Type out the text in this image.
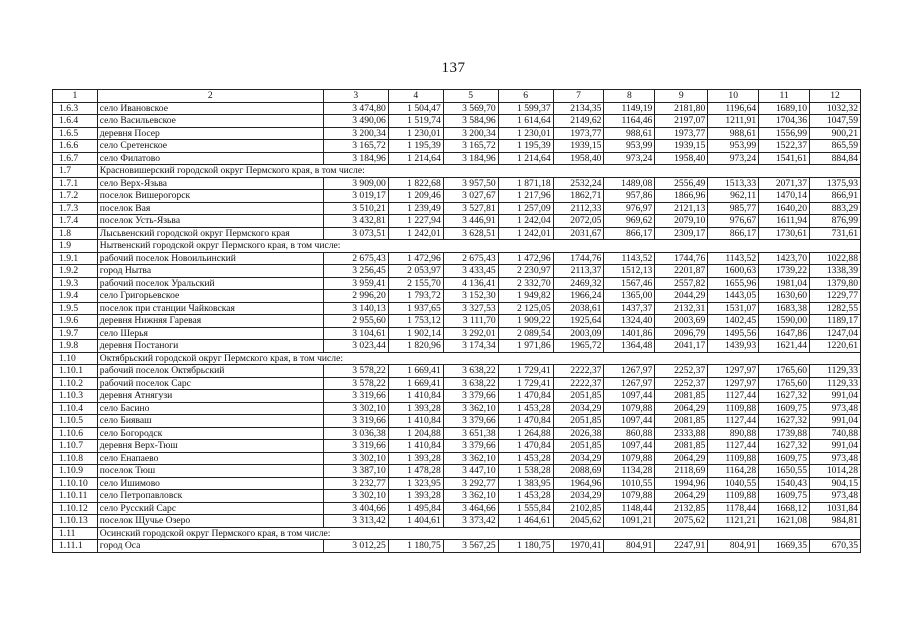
137
1	2	3	4	5	6	7	8	9	10	11	12
1.6.3	село Ивановское	3 474,80	1 504,47	3 569,70	1 599,37	2134,35	1149,19	2181,80	1196,64	1689,10	1032,32
1.6.4	село Васильевское	3 490,06	1 519,74	3 584,96	1 614,64	2149,62	1164,46	2197,07	1211,91	1704,36	1047,59
1.6.5	деревня Посер	3 200,34	1 230,01	3 200,34	1 230,01	1973,77	988,61	1973,77	988,61	1556,99	900,21
1.6.6	село Сретенское	3 165,72	1 195,39	3 165,72	1 195,39	1939,15	953,99	1939,15	953,99	1522,37	865,59
1.6.7	село Филатово	3 184,96	1 214,64	3 184,96	1 214,64	1958,40	973,24	1958,40	973,24	1541,61	884,84
1.7	Красновишерский городской округ Пермского края, в том числе:										
1.7.1	село Верх-Язьва	3 909,00	1 822,68	3 957,50	1 871,18	2532,24	1489,08	2556,49	1513,33	2071,37	1375,93
1.7.2	поселок Вишерогорск	3 019,17	1 209,46	3 027,67	1 217,96	1862,71	957,86	1866,96	962,11	1470,14	866,91
1.7.3	поселок Вая	3 510,21	1 239,49	3 527,81	1 257,09	2112,33	976,97	2121,13	985,77	1640,20	883,29
1.7.4	поселок Усть-Язьва	3 432,81	1 227,94	3 446,91	1 242,04	2072,05	969,62	2079,10	976,67	1611,94	876,99
1.8	Лысьвенский городской округ Пермского края	3 073,51	1 242,01	3 628,51	1 242,01	2031,67	866,17	2309,17	866,17	1730,61	731,61
1.9	Нытвенский городской округ Пермского края, в том числе:										
1.9.1	рабочий поселок Новоильинский	2 675,43	1 472,96	2 675,43	1 472,96	1744,76	1143,52	1744,76	1143,52	1423,70	1022,88
1.9.2	город Нытва	3 256,45	2 053,97	3 433,45	2 230,97	2113,37	1512,13	2201,87	1600,63	1739,22	1338,39
1.9.3	рабочий поселок Уральский	3 959,41	2 155,70	4 136,41	2 332,70	2469,32	1567,46	2557,82	1655,96	1981,04	1379,80
1.9.4	село Григорьевское	2 996,20	1 793,72	3 152,30	1 949,82	1966,24	1365,00	2044,29	1443,05	1630,60	1229,77
1.9.5	поселок при станции Чайковская	3 140,13	1 937,65	3 327,53	2 125,05	2038,61	1437,37	2132,31	1531,07	1683,38	1282,55
1.9.6	деревня Нижняя Гаревая	2 955,60	1 753,12	3 111,70	1 909,22	1925,64	1324,40	2003,69	1402,45	1590,00	1189,17
1.9.7	село Шерья	3 104,61	1 902,14	3 292,01	2 089,54	2003,09	1401,86	2096,79	1495,56	1647,86	1247,04
1.9.8	деревня Постаноги	3 023,44	1 820,96	3 174,34	1 971,86	1965,72	1364,48	2041,17	1439,93	1621,44	1220,61
1.10	Октябрьский городской округ Пермского края, в том числе:										
1.10.1	рабочий поселок Октябрьский	3 578,22	1 669,41	3 638,22	1 729,41	2222,37	1267,97	2252,37	1297,97	1765,60	1129,33
1.10.2	рабочий поселок Сарс	3 578,22	1 669,41	3 638,22	1 729,41	2222,37	1267,97	2252,37	1297,97	1765,60	1129,33
1.10.3	деревня Атнягузи	3 319,66	1 410,84	3 379,66	1 470,84	2051,85	1097,44	2081,85	1127,44	1627,32	991,04
1.10.4	село Басино	3 302,10	1 393,28	3 362,10	1 453,28	2034,29	1079,88	2064,29	1109,88	1609,75	973,48
1.10.5	село Бияваш	3 319,66	1 410,84	3 379,66	1 470,84	2051,85	1097,44	2081,85	1127,44	1627,32	991,04
1.10.6	село Богородск	3 036,38	1 204,88	3 651,38	1 264,88	2026,38	860,88	2333,88	890,88	1739,88	740,88
1.10.7	деревня Верх-Тюш	3 319,66	1 410,84	3 379,66	1 470,84	2051,85	1097,44	2081,85	1127,44	1627,32	991,04
1.10.8	село Енапаево	3 302,10	1 393,28	3 362,10	1 453,28	2034,29	1079,88	2064,29	1109,88	1609,75	973,48
1.10.9	поселок Тюш	3 387,10	1 478,28	3 447,10	1 538,28	2088,69	1134,28	2118,69	1164,28	1650,55	1014,28
1.10.10	село Ишимово	3 232,77	1 323,95	3 292,77	1 383,95	1964,96	1010,55	1994,96	1040,55	1540,43	904,15
1.10.11	село Петропавловск	3 302,10	1 393,28	3 362,10	1 453,28	2034,29	1079,88	2064,29	1109,88	1609,75	973,48
1.10.12	село Русский Сарс	3 404,66	1 495,84	3 464,66	1 555,84	2102,85	1148,44	2132,85	1178,44	1668,12	1031,84
1.10.13	поселок Щучье Озеро	3 313,42	1 404,61	3 373,42	1 464,61	2045,62	1091,21	2075,62	1121,21	1621,08	984,81
1.11	Осинский городской округ Пермского края, в том числе:										
1.11.1	город Оса	3 012,25	1 180,75	3 567,25	1 180,75	1970,41	804,91	2247,91	804,91	1669,35	670,35
